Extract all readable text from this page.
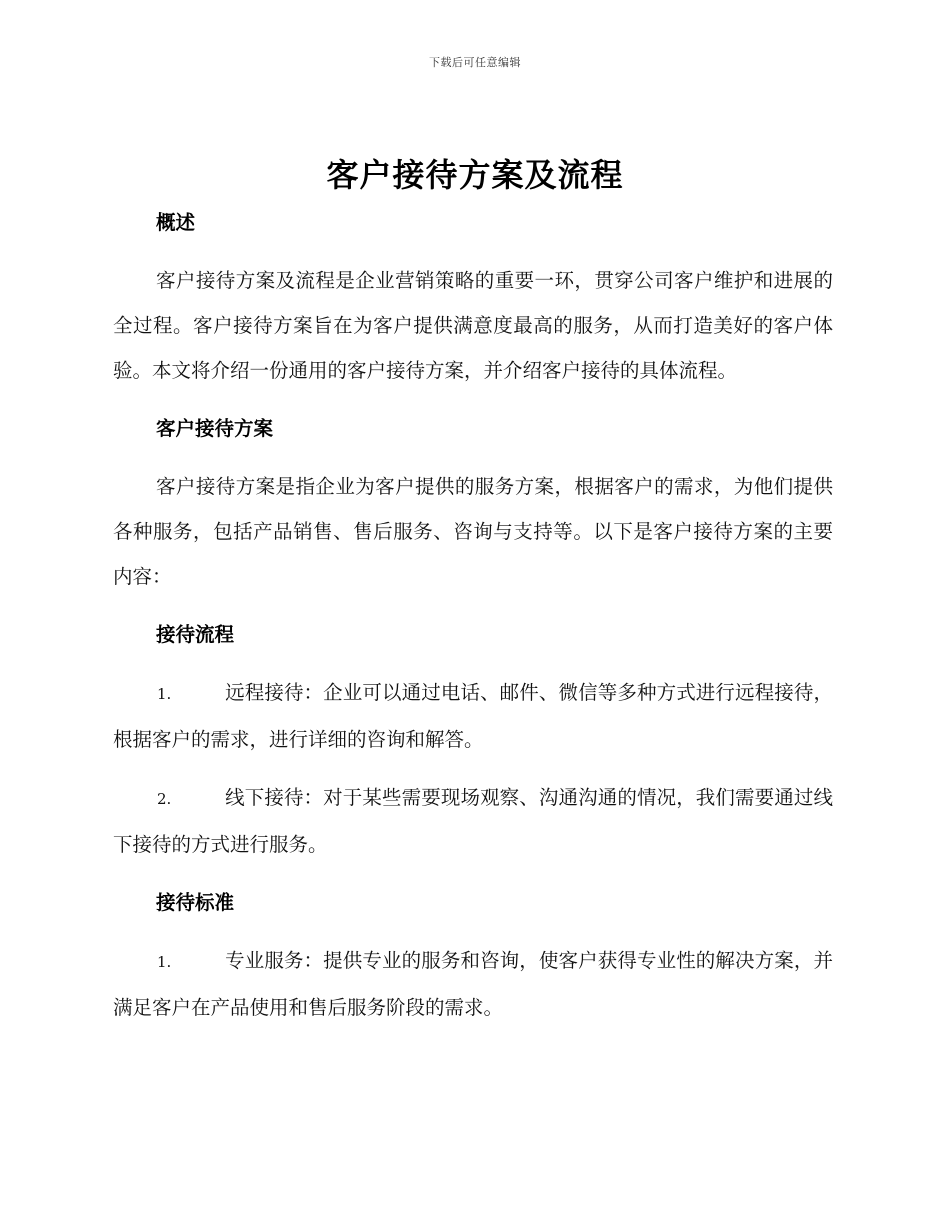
下载后可任意编辑
客户接待方案及流程
概述

客户接待方案及流程是企业营销策略的重要一环，贯穿公司客户维护和进展的全过程。客户接待方案旨在为客户提供满意度最高的服务，从而打造美好的客户体验。本文将介绍一份通用的客户接待方案，并介绍客户接待的具体流程。

客户接待方案

客户接待方案是指企业为客户提供的服务方案，根据客户的需求，为他们提供各种服务，包括产品销售、售后服务、咨询与支持等。以下是客户接待方案的主要内容：

接待流程

1.	远程接待：企业可以通过电话、邮件、微信等多种方式进行远程接待，根据客户的需求，进行详细的咨询和解答。

2.	线下接待：对于某些需要现场观察、沟通沟通的情况，我们需要通过线下接待的方式进行服务。

接待标准

1.	专业服务：提供专业的服务和咨询，使客户获得专业性的解决方案，并满足客户在产品使用和售后服务阶段的需求。
